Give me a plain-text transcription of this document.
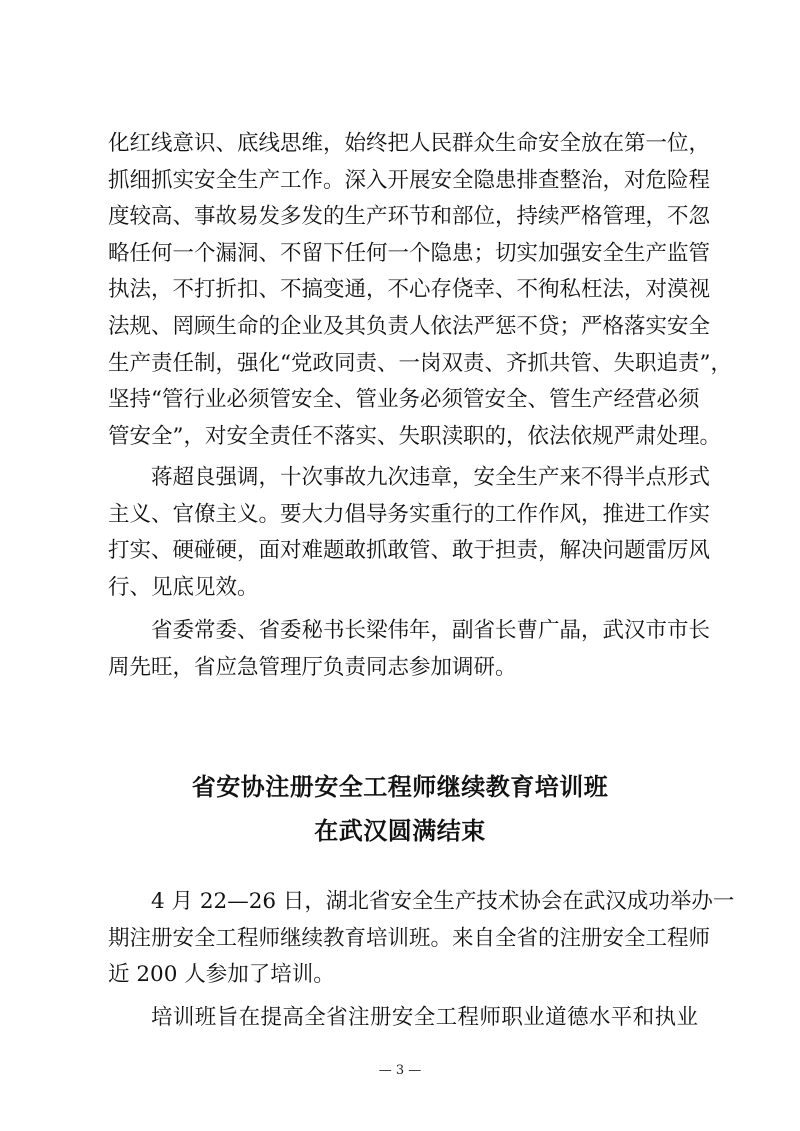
化红线意识、底线思维，始终把人民群众生命安全放在第一位，
抓细抓实安全生产工作。深入开展安全隐患排查整治，对危险程
度较高、事故易发多发的生产环节和部位，持续严格管理，不忽
略任何一个漏洞、不留下任何一个隐患；切实加强安全生产监管
执法，不打折扣、不搞变通，不心存侥幸、不徇私枉法，对漠视
法规、罔顾生命的企业及其负责人依法严惩不贷；严格落实安全
生产责任制，强化“党政同责、一岗双责、齐抓共管、失职追责”，
坚持“管行业必须管安全、管业务必须管安全、管生产经营必须
管安全”，对安全责任不落实、失职渎职的，依法依规严肃处理。
蒋超良强调，十次事故九次违章，安全生产来不得半点形式
主义、官僚主义。要大力倡导务实重行的工作作风，推进工作实
打实、硬碰硬，面对难题敢抓敢管、敢于担责，解决问题雷厉风
行、见底见效。
省委常委、省委秘书长梁伟年，副省长曹广晶，武汉市市长
周先旺，省应急管理厅负责同志参加调研。
省安协注册安全工程师继续教育培训班
在武汉圆满结束
4 月 22—26 日，湖北省安全生产技术协会在武汉成功举办一
期注册安全工程师继续教育培训班。来自全省的注册安全工程师
近 200 人参加了培训。
培训班旨在提高全省注册安全工程师职业道德水平和执业
— 3 —
